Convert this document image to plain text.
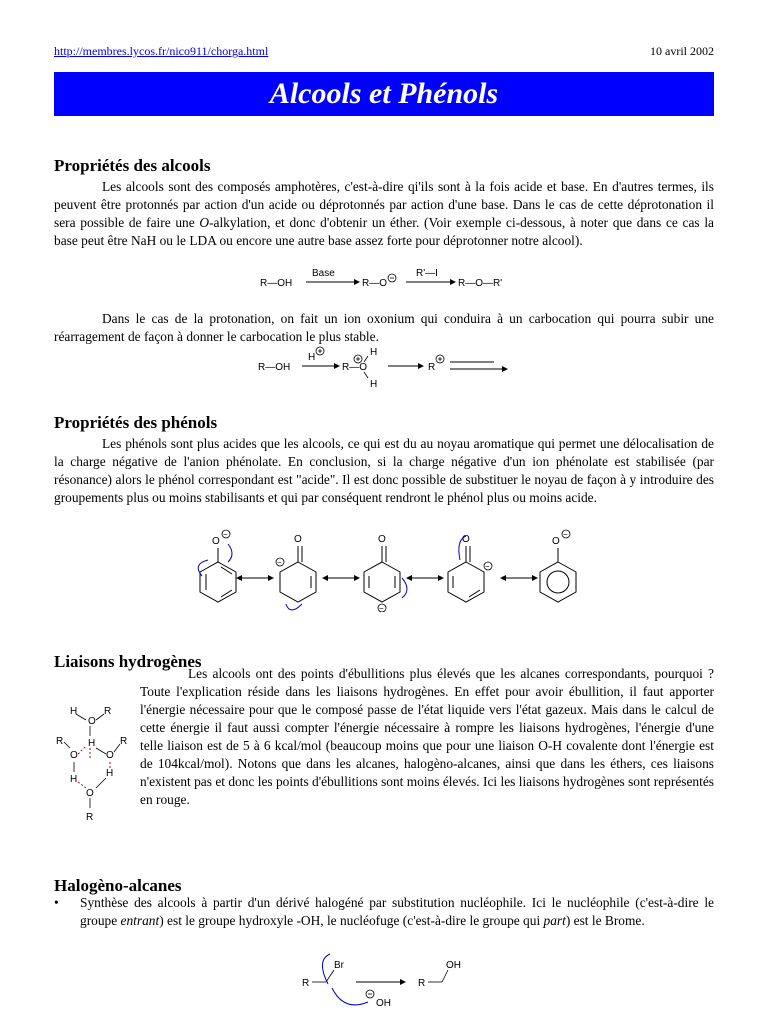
http://membres.lycos.fr/nico911/chorga.html	10 avril 2002
Alcools et Phénols
Propriétés des alcools

Les alcools sont des composés amphotères, c'est-à-dire qi'ils sont à la fois acide et base. En d'autres termes, ils peuvent être protonnés par action d'un acide ou déprotonnés par action d'une base. Dans le cas de cette déprotonation il sera possible de faire une O-alkylation, et donc d'obtenir un éther. (Voir exemple ci-dessous, à noter que dans ce cas la base peut être NaH ou le LDA ou encore une autre base assez forte pour déprotonner notre alcool).

R—OH
Base
R—O
R'—I
R—O—R'

Dans le cas de la protonation, on fait un ion oxonium qui conduira à un carbocation qui pourra subir une réarragement de façon à donner le carbocation le plus stable.

R—OH
H
R—O
H
H
R
Propriétés des phénols

Les phénols sont plus acides que les alcools, ce qui est du au noyau aromatique qui permet une délocalisation de la charge négative de l'anion phénolate. En conclusion, si la charge négative d'un ion phénolate est stabilisée (par résonance) alors le phénol correspondant est "acide". Il est donc possible de substituer le noyau de façon à y introduire des groupements plus ou moins stabilisants et qui par conséquent rendront le phénol plus ou moins acide.

O
−	O
−
O
−
O
−
O
−
Liaisons hydrogènes

Les alcools ont des points d'ébullitions plus élevés que les alcanes correspondants, pourquoi ? Toute l'explication réside dans les liaisons hydrogènes. En effet pour avoir ébullition, il faut apporter l'énergie nécessaire pour que le composé passe de l'état liquide vers l'état gazeux. Mais dans le calcul de cette énergie il faut aussi compter l'énergie nécessaire à rompre les liaisons hydrogènes, l'énergie d'une telle liaison est de 5 à 6 kcal/mol (beaucoup moins que pour une liaison O-H covalente dont l'énergie est de 104kcal/mol). Notons que dans les alcanes, halogèno-alcanes, ainsi que dans les éthers, ces liaisons n'existent pas et donc les points d'ébullitions sont moins élevés. Ici les liaisons hydrogènes sont représentés en rouge.

H
O
R
H
R
O	O
R
H
H
O
R
Halogèno-alcanes
• Synthèse des alcools à partir d'un dérivé halogéné par substitution nucléophile. Ici le nucléophile (c'est-à-dire le groupe entrant) est le groupe hydroxyle -OH, le nucléofuge (c'est-à-dire le groupe qui part) est le Brome.
Br
R
OH
R
OH
